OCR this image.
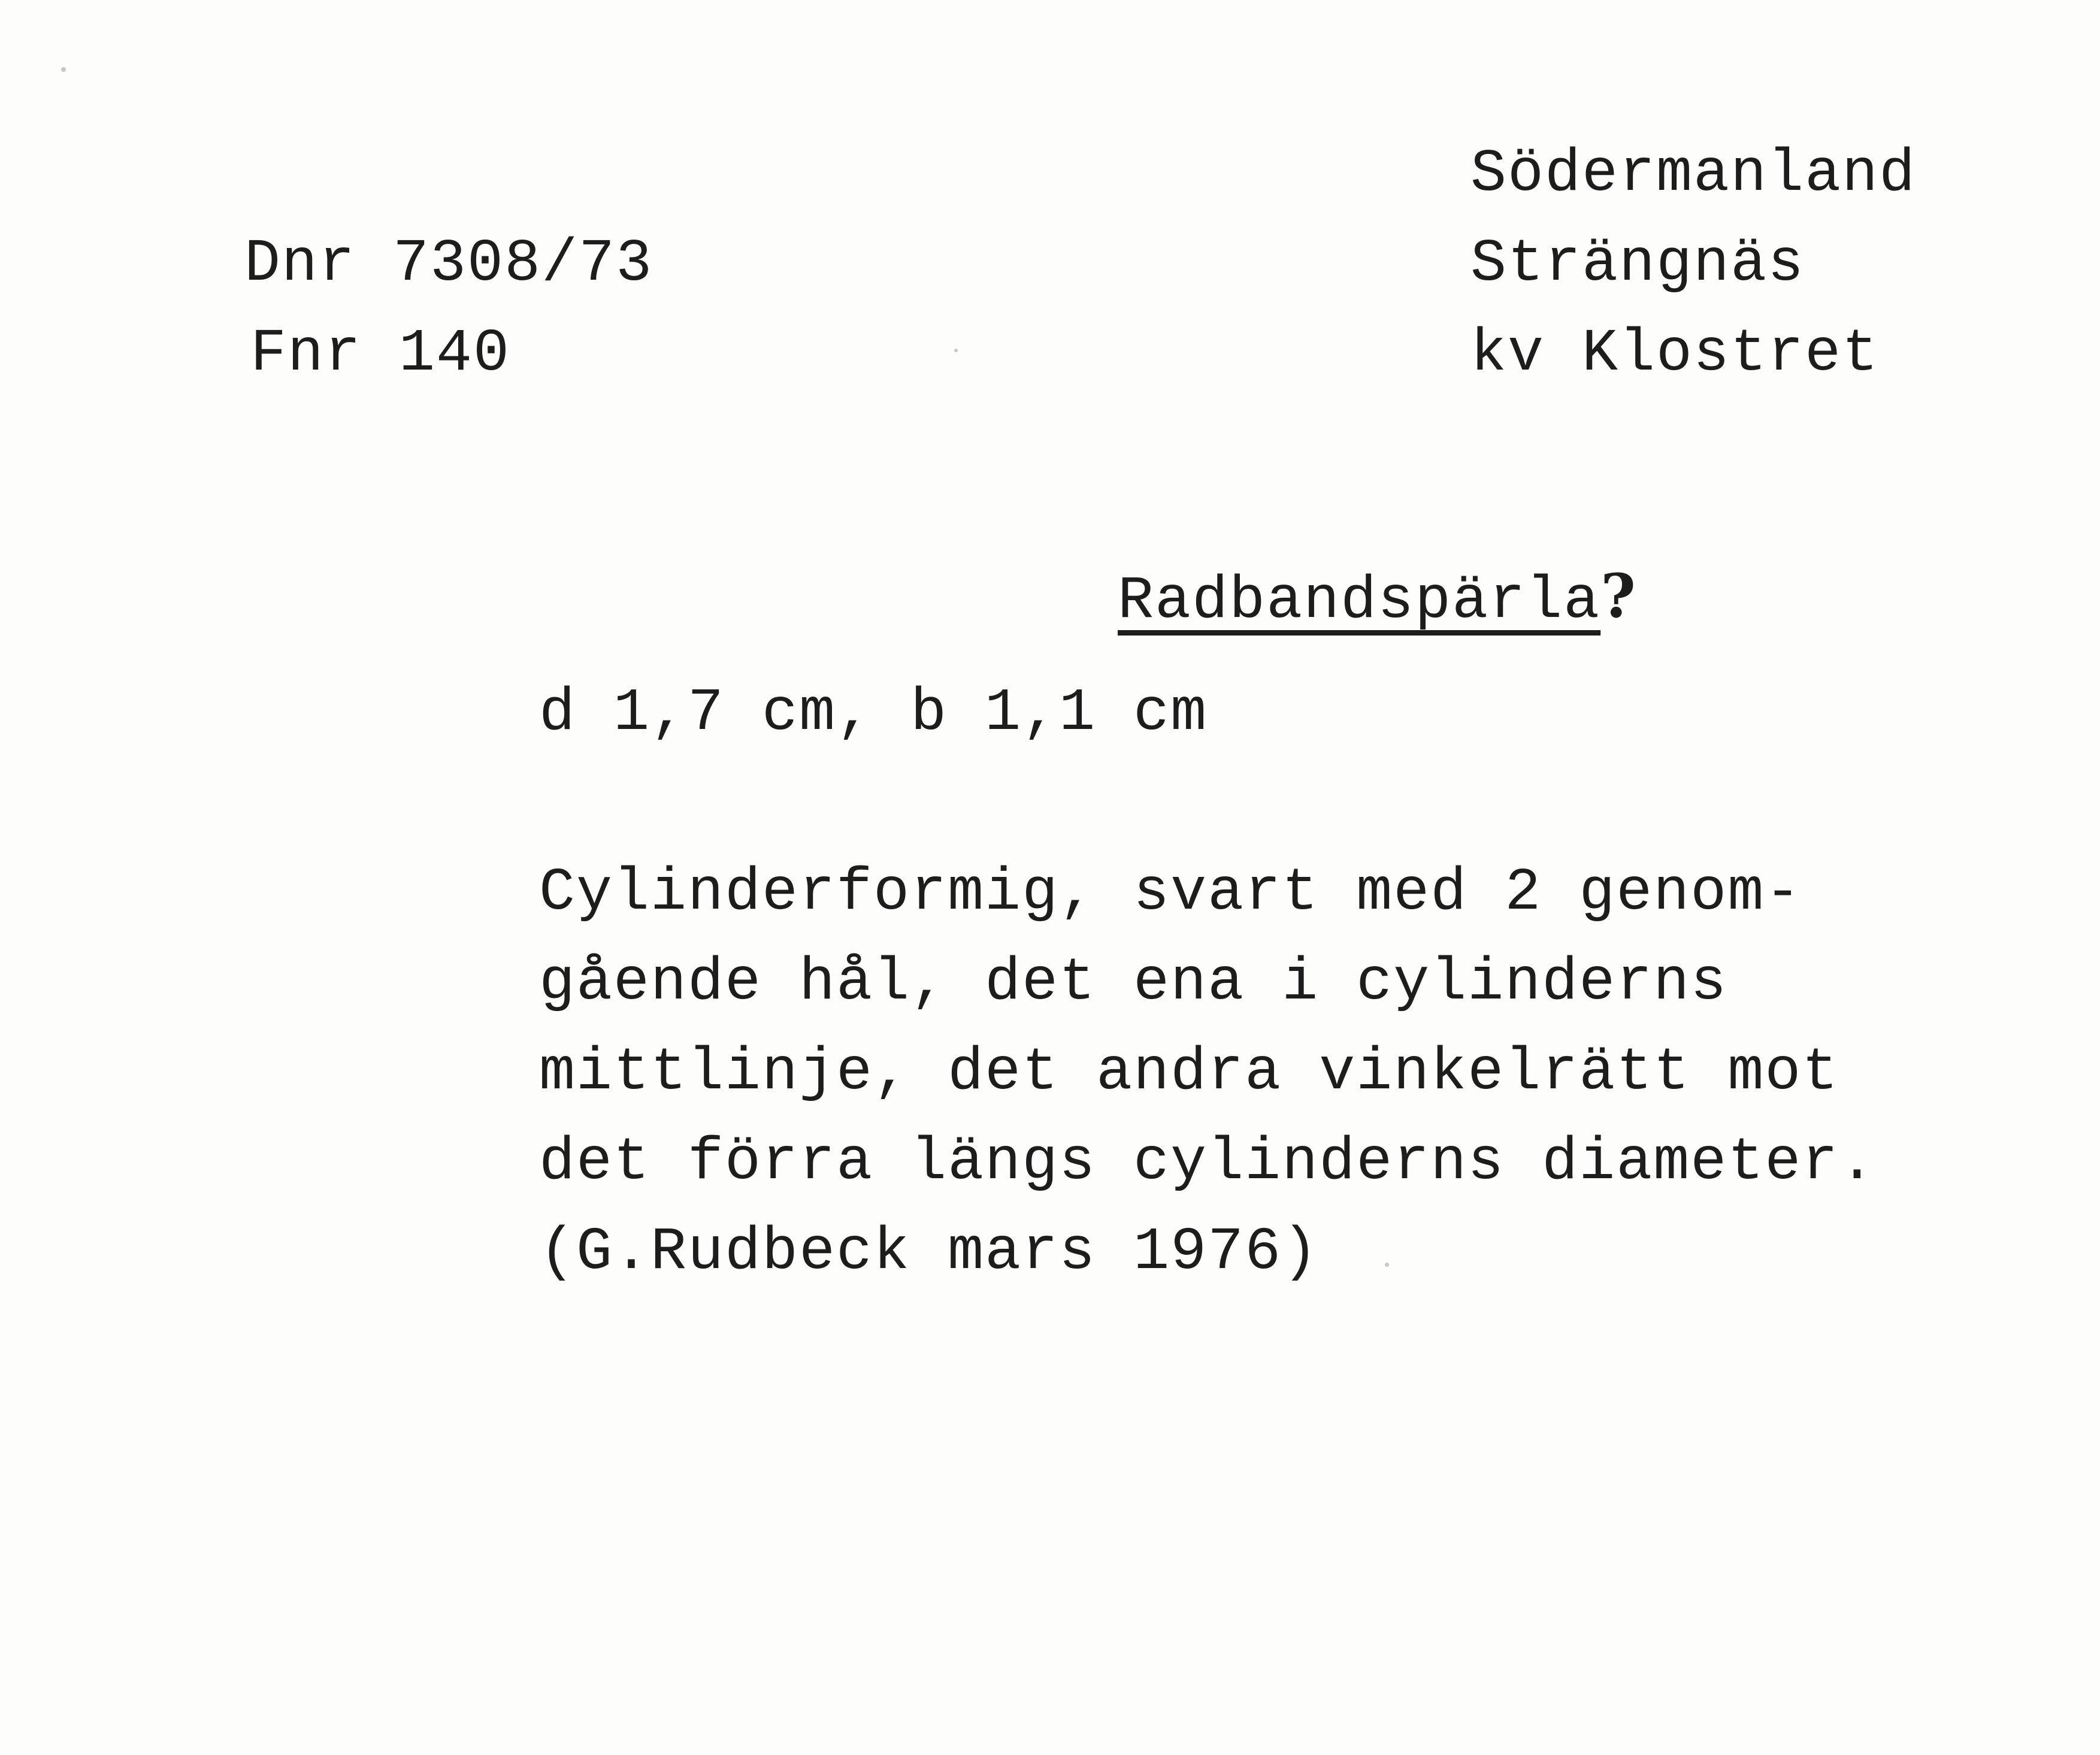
Dnr 7308/73
Fnr 140
Södermanland
Strängnäs
kv Klostret

Radbandspärla?

d 1,7 cm, b 1,1 cm
Cylinderformig, svart med 2 genom-
gående hål, det ena i cylinderns
mittlinje, det andra vinkelrätt mot
det förra längs cylinderns diameter.
(G.Rudbeck mars 1976)
